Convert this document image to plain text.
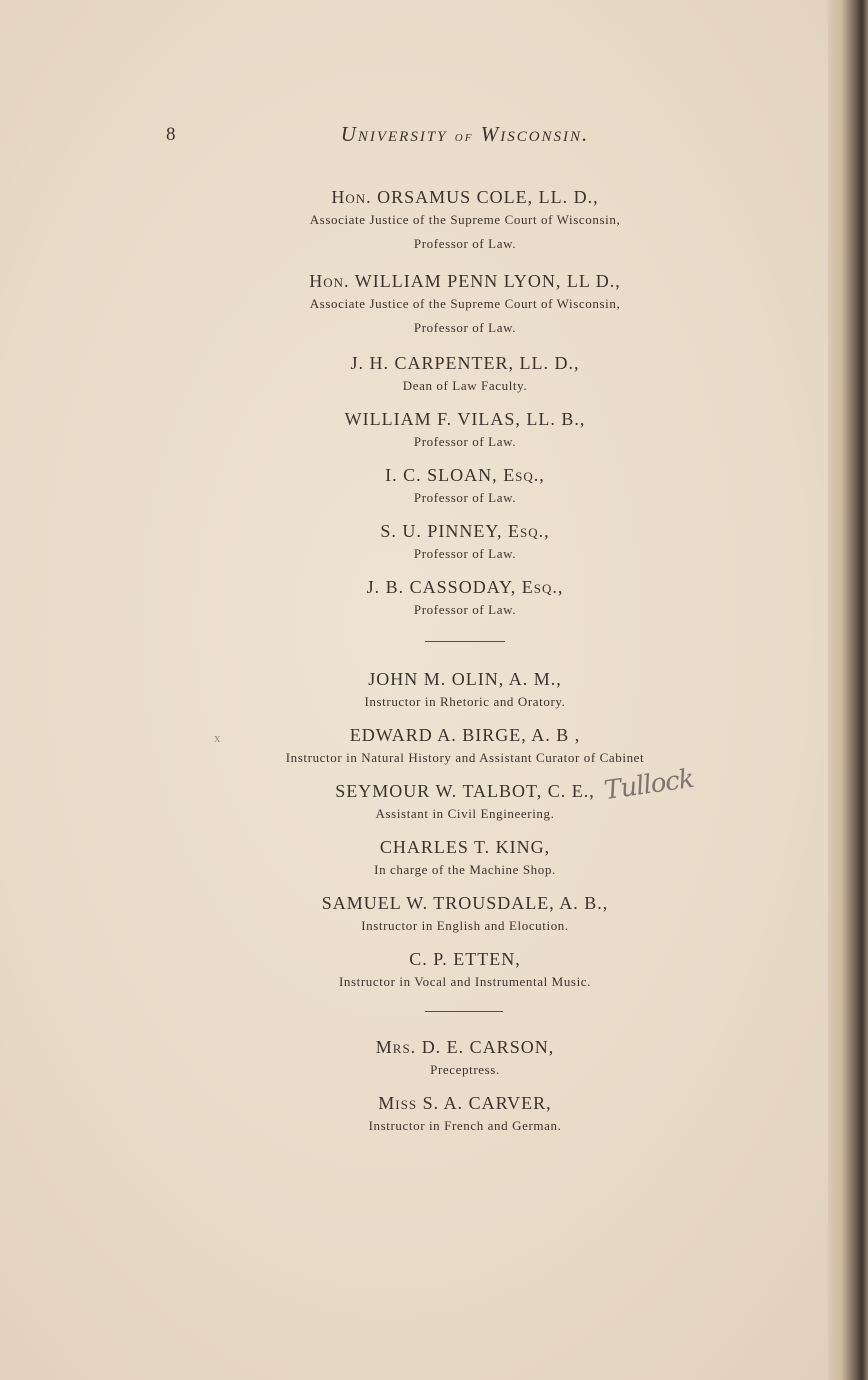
8	University of Wisconsin.
Hon. ORSAMUS COLE, LL. D.,
Associate Justice of the Supreme Court of Wisconsin,
Professor of Law.
Hon. WILLIAM PENN LYON, LL D.,
Associate Justice of the Supreme Court of Wisconsin,
Professor of Law.
J. H. CARPENTER, LL. D.,
Dean of Law Faculty.
WILLIAM F. VILAS, LL. B.,
Professor of Law.
I. C. SLOAN, Esq.,
Professor of Law.
S. U. PINNEY, Esq.,
Professor of Law.
J. B. CASSODAY, Esq.,
Professor of Law.
JOHN M. OLIN, A. M.,
Instructor in Rhetoric and Oratory.
x	EDWARD A. BIRGE, A. B ,
Instructor in Natural History and Assistant Curator of Cabinet
SEYMOUR W. TALBOT, C. E.,
Assistant in Civil Engineering.
Tullock
CHARLES T. KING,
In charge of the Machine Shop.
SAMUEL W. TROUSDALE, A. B.,
Instructor in English and Elocution.
C. P. ETTEN,
Instructor in Vocal and Instrumental Music.
Mrs. D. E. CARSON,
Preceptress.
Miss S. A. CARVER,
Instructor in French and German.
